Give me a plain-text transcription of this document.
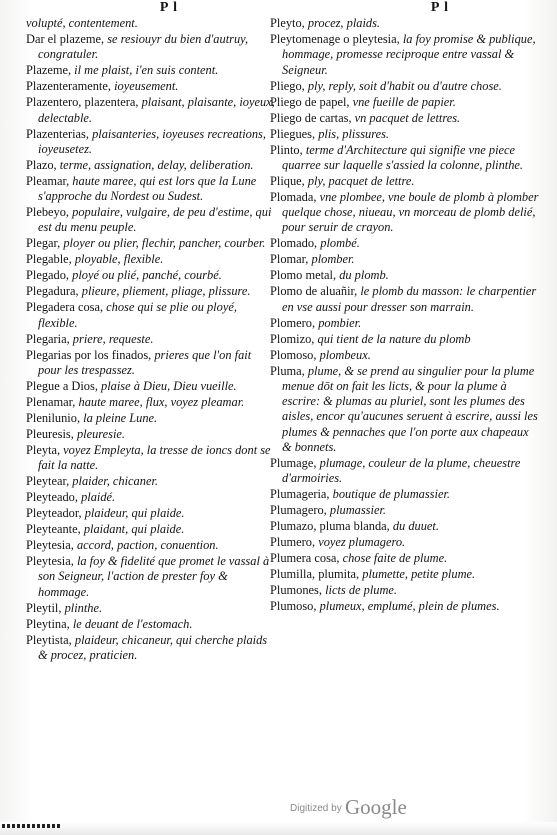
P l
volupté, contentement.
Dar el plazeme, se resiouyr du bien d'autruy, congratuler.
Plazeme, il me plaist, i'en suis content.
Plazenteramente, ioyeusement.
Plazentero, plazentera, plaisant, plaisante, ioyeux, delectable.
Plazenterias, plaisanteries, ioyeuses recreations, ioyeusetez.
Plazo, terme, assignation, delay, deliberation.
Pleamar, haute maree, qui est lors que la Lune s'approche du Nordest ou Sudest.
Plebeyo, populaire, vulgaire, de peu d'estime, qui est du menu peuple.
Plegar, ployer ou plier, flechir, pancher, courber.
Plegable, ployable, flexible.
Plegado, ployé ou plié, panché, courbé.
Plegadura, plieure, pliement, pliage, plissure.
Plegadera cosa, chose qui se plie ou ployé, flexible.
Plegaria, priere, requeste.
Plegarias por los finados, prieres que l'on fait pour les trespassez.
Plegue a Dios, plaise à Dieu, Dieu vueille.
Plenamar, haute maree, flux, voyez pleamar.
Plenilunio, la pleine Lune.
Pleuresis, pleuresie.
Pleyta, voyez Empleyta, la tresse de ioncs dont se fait la natte.
Pleytear, plaider, chicaner.
Pleyteado, plaidé.
Pleyteador, plaideur, qui plaide.
Pleyteante, plaidant, qui plaide.
Pleytesia, accord, paction, conuention.
Pleytesia, la foy & fidelité que promet le vassal à son Seigneur, l'action de prester foy & hommage.
Pleytil, plinthe.
Pleytina, le deuant de l'estomach.
Pleytista, plaideur, chicaneur, qui cherche plaids & procez, praticien.
P l
Pleyto, procez, plaids.
Pleytomenage o pleytesia, la foy promise & publique, hommage, promesse reciproque entre vassal & Seigneur.
Pliego, ply, reply, soit d'habit ou d'autre chose.
Pliego de papel, vne fueille de papier.
Pliego de cartas, vn pacquet de lettres.
Pliegues, plis, plissures.
Plinto, terme d'Architecture qui signifie vne piece quarree sur laquelle s'assied la colonne, plinthe.
Plique, ply, pacquet de lettre.
Plomada, vne plombee, vne boule de plomb à plomber quelque chose, niueau, vn morceau de plomb delié, pour seruir de crayon.
Plomado, plombé.
Plomar, plomber.
Plomo metal, du plomb.
Plomo de aluañir, le plomb du masson: le charpentier en vse aussi pour dresser son marrain.
Plomero, pombier.
Plomizo, qui tient de la nature du plomb
Plomoso, plombeux.
Pluma, plume, & se prend au singulier pour la plume menue dōt on fait les licts, & pour la plume à escrire: & plumas au pluriel, sont les plumes des aisles, encor qu'aucunes seruent à escrire, aussi les plumes & pennaches que l'on porte aux chapeaux & bonnets.
Plumage, plumage, couleur de la plume, cheuestre d'armoiries.
Plumageria, boutique de plumassier.
Plumagero, plumassier.
Plumazo, pluma blanda, du duuet.
Plumero, voyez plumagero.
Plumera cosa, chose faite de plume.
Plumilla, plumita, plumette, petite plume.
Plumones, licts de plume.
Plumoso, plumeux, emplumé, plein de plumes.
Digitized by Google
